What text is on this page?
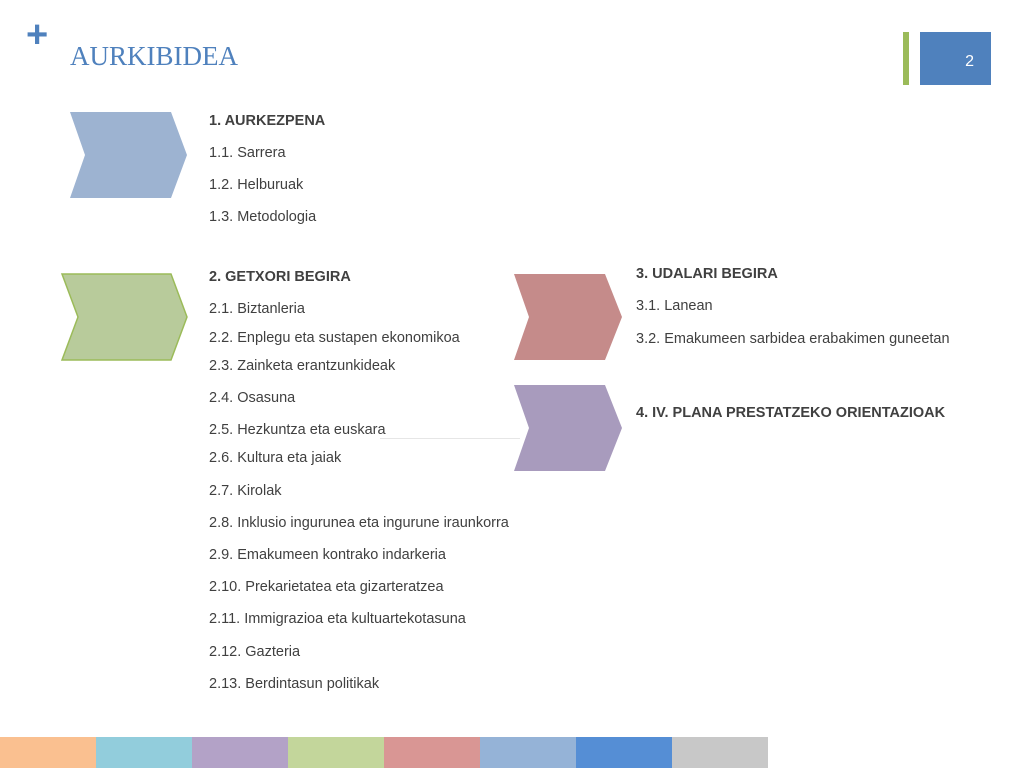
+ AURKIBIDEA	2
1. AURKEZPENA
1.1. Sarrera
1.2. Helburuak
1.3. Metodologia
2. GETXORI BEGIRA
2.1. Biztanleria
2.2. Enplegu eta sustapen ekonomikoa
2.3. Zainketa erantzunkideak
2.4. Osasuna
2.5. Hezkuntza eta euskara
2.6. Kultura eta jaiak
2.7. Kirolak
2.8. Inklusio ingurunea eta ingurune iraunkorra
2.9. Emakumeen kontrako indarkeria
2.10. Prekarietatea eta gizarteratzea
2.11. Immigrazioa eta kultuartekotasuna
2.12. Gazteria
2.13. Berdintasun politikak
3. UDALARI BEGIRA
3.1. Lanean
3.2. Emakumeen sarbidea erabakimen guneetan
4. IV. PLANA PRESTATZEKO ORIENTAZIOAK
